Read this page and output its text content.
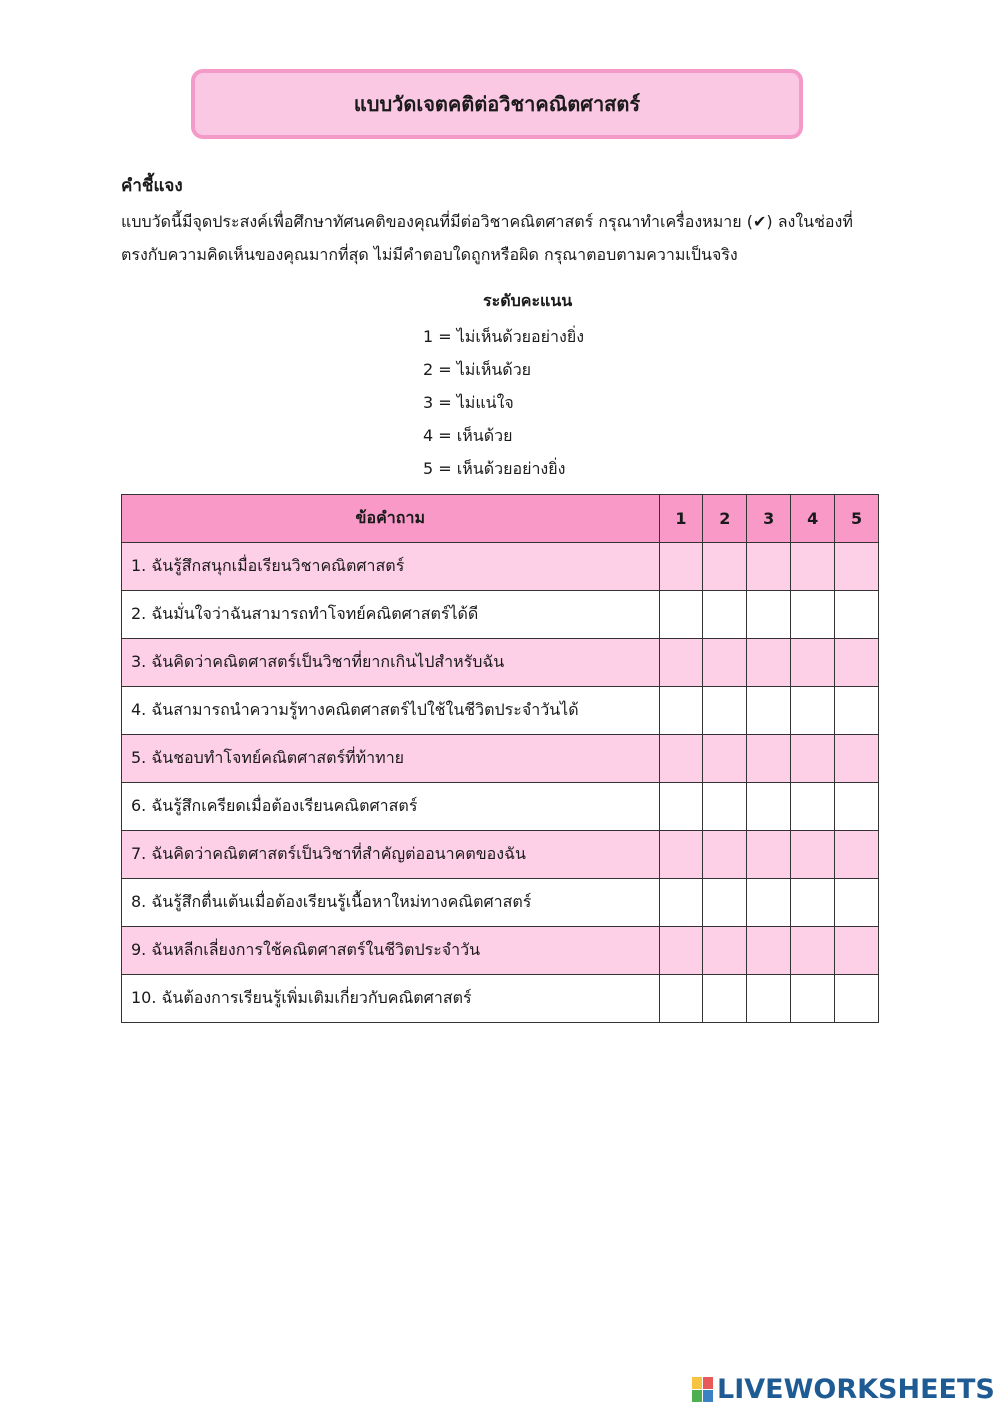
แบบวัดเจตคติต่อวิชาคณิตศาสตร์
คำชี้แจง
แบบวัดนี้มีจุดประสงค์เพื่อศึกษาทัศนคติของคุณที่มีต่อวิชาคณิตศาสตร์ กรุณาทำเครื่องหมาย (✔) ลงในช่องที่
ตรงกับความคิดเห็นของคุณมากที่สุด ไม่มีคำตอบใดถูกหรือผิด กรุณาตอบตามความเป็นจริง
ระดับคะแนน
1 = ไม่เห็นด้วยอย่างยิ่ง
2 = ไม่เห็นด้วย
3 = ไม่แน่ใจ
4 = เห็นด้วย
5 = เห็นด้วยอย่างยิ่ง
ข้อคำถาม	1	2	3	4	5
1. ฉันรู้สึกสนุกเมื่อเรียนวิชาคณิตศาสตร์					
2. ฉันมั่นใจว่าฉันสามารถทำโจทย์คณิตศาสตร์ได้ดี					
3. ฉันคิดว่าคณิตศาสตร์เป็นวิชาที่ยากเกินไปสำหรับฉัน					
4. ฉันสามารถนำความรู้ทางคณิตศาสตร์ไปใช้ในชีวิตประจำวันได้					
5. ฉันชอบทำโจทย์คณิตศาสตร์ที่ท้าทาย					
6. ฉันรู้สึกเครียดเมื่อต้องเรียนคณิตศาสตร์					
7. ฉันคิดว่าคณิตศาสตร์เป็นวิชาที่สำคัญต่ออนาคตของฉัน					
8. ฉันรู้สึกตื่นเต้นเมื่อต้องเรียนรู้เนื้อหาใหม่ทางคณิตศาสตร์					
9. ฉันหลีกเลี่ยงการใช้คณิตศาสตร์ในชีวิตประจำวัน					
10. ฉันต้องการเรียนรู้เพิ่มเติมเกี่ยวกับคณิตศาสตร์					
LIVEWORKSHEETS
